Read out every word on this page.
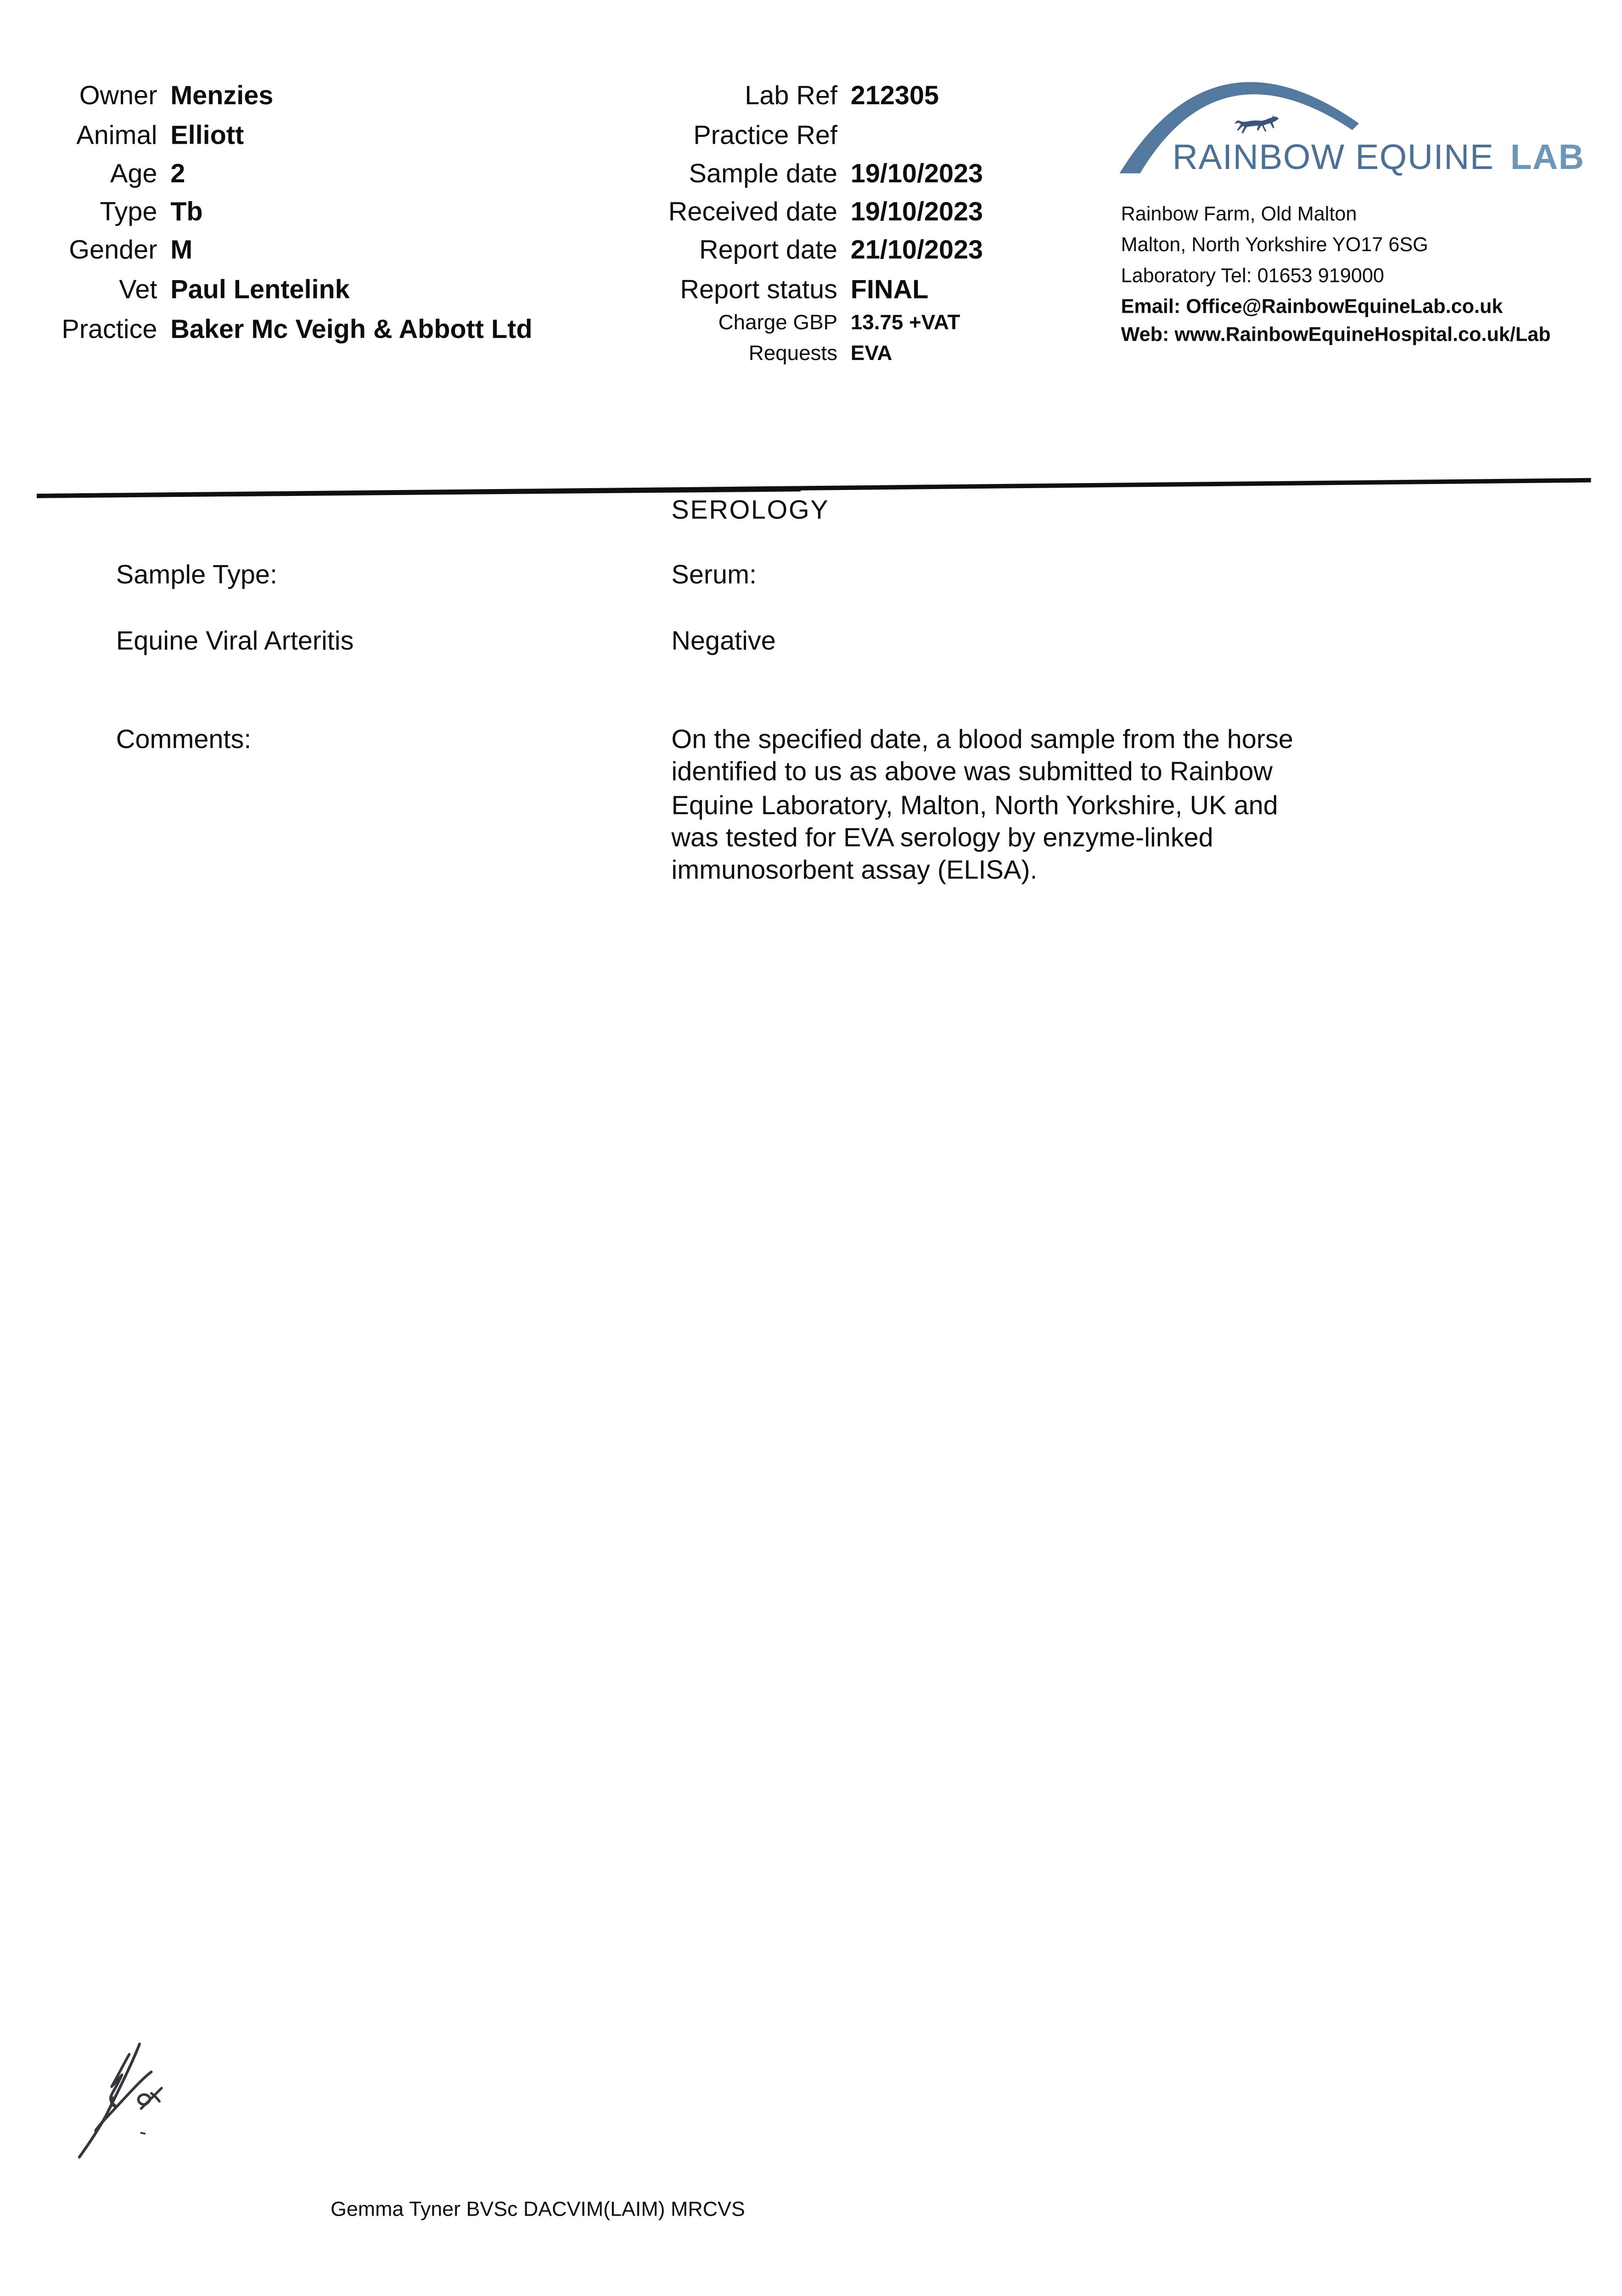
Owner Menzies
Animal Elliott
Age 2
Type Tb
Gender M
Vet Paul Lentelink
Practice Baker Mc Veigh & Abbott Ltd
Lab Ref 212305
Practice Ref
Sample date 19/10/2023
Received date 19/10/2023
Report date 21/10/2023
Report status FINAL
Charge GBP 13.75 +VAT
Requests EVA
RAINBOW EQUINE LAB
Rainbow Farm, Old Malton
Malton, North Yorkshire YO17 6SG
Laboratory Tel: 01653 919000
Email: Office@RainbowEquineLab.co.uk
Web: www.RainbowEquineHospital.co.uk/Lab
SEROLOGY
Sample Type:	Serum:
Equine Viral Arteritis	Negative
Comments:	On the specified date, a blood sample from the horse
identified to us as above was submitted to Rainbow
Equine Laboratory, Malton, North Yorkshire, UK and
was tested for EVA serology by enzyme-linked
immunosorbent assay (ELISA).
Gemma Tyner BVSc DACVIM(LAIM) MRCVS
